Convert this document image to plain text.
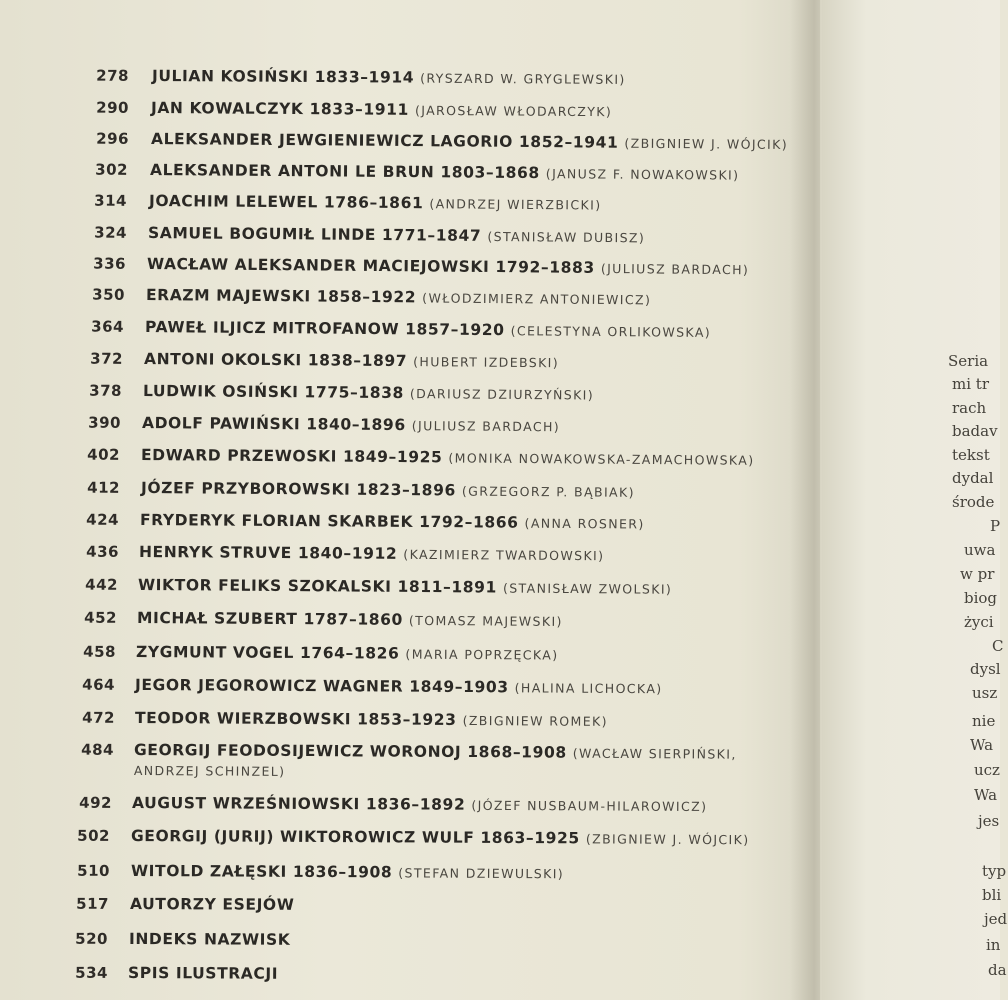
278 JULIAN KOSIŃSKI 1833–1914 (RYSZARD W. GRYGLEWSKI)
290 JAN KOWALCZYK 1833–1911 (JAROSŁAW WŁODARCZYK)
296 ALEKSANDER JEWGIENIEWICZ LAGORIO 1852–1941 (ZBIGNIEW J. WÓJCIK)
302 ALEKSANDER ANTONI LE BRUN 1803–1868 (JANUSZ F. NOWAKOWSKI)
314 JOACHIM LELEWEL 1786–1861 (ANDRZEJ WIERZBICKI)
324 SAMUEL BOGUMIŁ LINDE 1771–1847 (STANISŁAW DUBISZ)
336 WACŁAW ALEKSANDER MACIEJOWSKI 1792–1883 (JULIUSZ BARDACH)
350 ERAZM MAJEWSKI 1858–1922 (WŁODZIMIERZ ANTONIEWICZ)
364 PAWEŁ ILJICZ MITROFANOW 1857–1920 (CELESTYNA ORLIKOWSKA)
372 ANTONI OKOLSKI 1838–1897 (HUBERT IZDEBSKI)
378 LUDWIK OSIŃSKI 1775–1838 (DARIUSZ DZIURZYŃSKI)
390 ADOLF PAWIŃSKI 1840–1896 (JULIUSZ BARDACH)
402 EDWARD PRZEWOSKI 1849–1925 (MONIKA NOWAKOWSKA-ZAMACHOWSKA)
412 JÓZEF PRZYBOROWSKI 1823–1896 (GRZEGORZ P. BĄBIAK)
424 FRYDERYK FLORIAN SKARBEK 1792–1866 (ANNA ROSNER)
436 HENRYK STRUVE 1840–1912 (KAZIMIERZ TWARDOWSKI)
442 WIKTOR FELIKS SZOKALSKI 1811–1891 (STANISŁAW ZWOLSKI)
452 MICHAŁ SZUBERT 1787–1860 (TOMASZ MAJEWSKI)
458 ZYGMUNT VOGEL 1764–1826 (MARIA POPRZĘCKA)
464 JEGOR JEGOROWICZ WAGNER 1849–1903 (HALINA LICHOCKA)
472 TEODOR WIERZBOWSKI 1853–1923 (ZBIGNIEW ROMEK)
484 GEORGIJ FEODOSIJEWICZ WORONOJ 1868–1908 (WACŁAW SIERPIŃSKI,
ANDRZEJ SCHINZEL)
492 AUGUST WRZEŚNIOWSKI 1836–1892 (JÓZEF NUSBAUM-HILAROWICZ)
502 GEORGIJ (JURIJ) WIKTOROWICZ WULF 1863–1925 (ZBIGNIEW J. WÓJCIK)
510 WITOLD ZAŁĘSKI 1836–1908 (STEFAN DZIEWULSKI)
517 AUTORZY ESEJÓW
520 INDEKS NAZWISK
534 SPIS ILUSTRACJI
Seria
mi tr
rach
badav
tekst
dydal
środe
P
uwa
w pr
biog
życi
C
dysl
usz
nie
Wa
ucz
Wa
jes
typ
bli
jed
in
da
